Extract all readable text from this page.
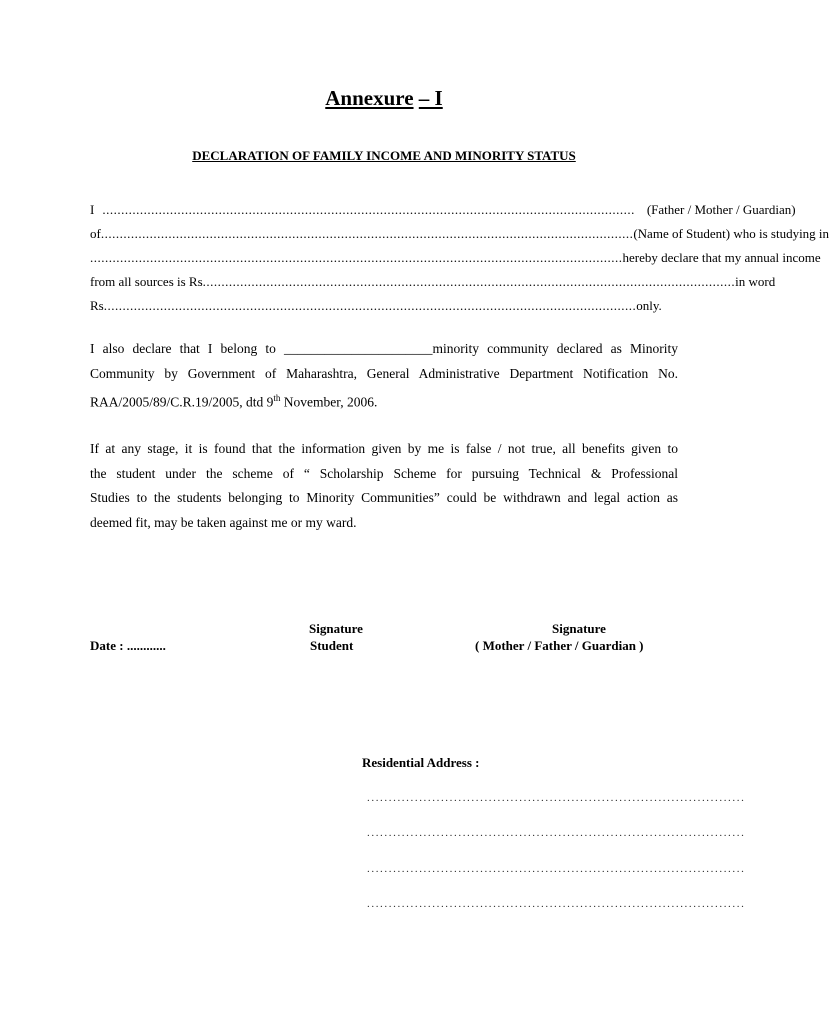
Annexure – I
DECLARATION OF FAMILY INCOME AND MINORITY STATUS
I .............................................................................................................................................. (Father / Mother / Guardian)
of .............................................................................................................................................. (Name of Student) who is studying in
.............................................................................................................................................. hereby declare that my annual income
from all sources is Rs .............................................................................................................................................. in word
Rs .............................................................................................................................................. only.
I also declare that I belong to ______________________minority community declared as Minority
Community by Government of Maharashtra, General Administrative Department Notification No.
RAA/2005/89/C.R.19/2005, dtd 9th November, 2006.
If at any stage, it is found that the information given by me is false / not true, all benefits given to
the student under the scheme of “ Scholarship Scheme for pursuing Technical & Professional
Studies to the students belonging to Minority Communities” could be withdrawn and legal action as
deemed fit, may be taken against me or my ward.
Date : ............
Signature
Student
Signature
( Mother / Father / Guardian )
Residential Address :
.......................................................................................
.......................................................................................
.......................................................................................
.......................................................................................
